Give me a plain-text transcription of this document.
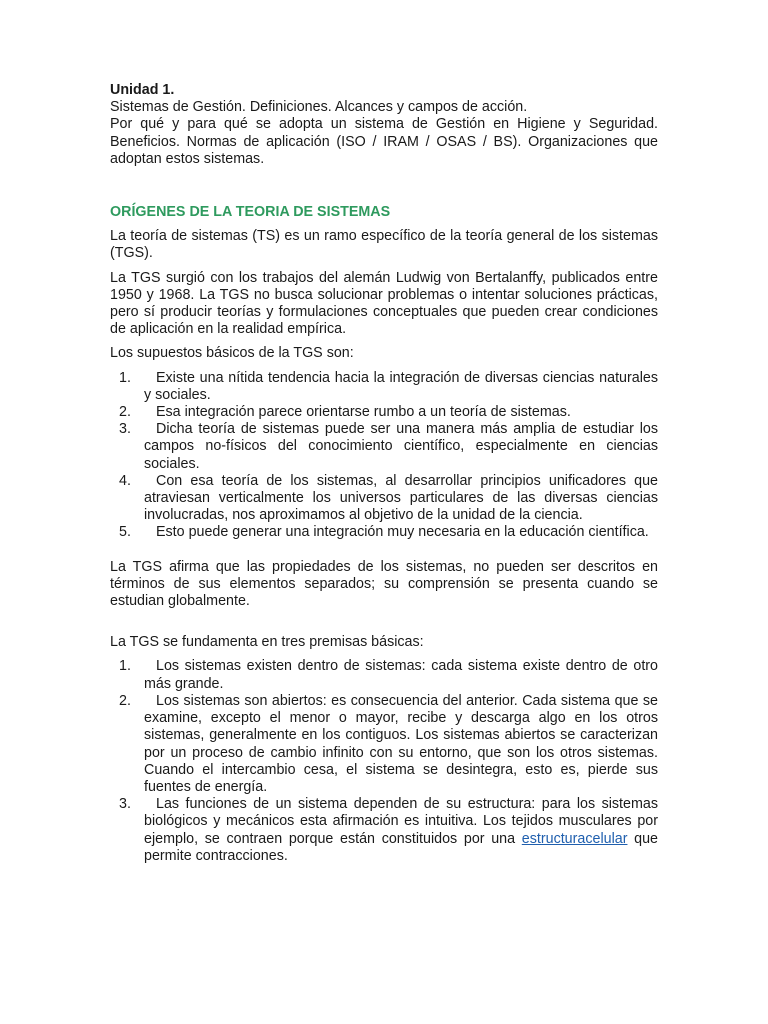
Unidad 1.

Sistemas de Gestión. Definiciones. Alcances y campos de acción.

Por qué y para qué se adopta un sistema de Gestión en Higiene y Seguridad. Beneficios. Normas de aplicación (ISO / IRAM / OSAS / BS). Organizaciones que adoptan estos sistemas.

ORÍGENES DE LA TEORIA DE SISTEMAS

La teoría de sistemas (TS) es un ramo específico de la teoría general de los sistemas (TGS).

La TGS surgió con los trabajos del alemán Ludwig von Bertalanffy, publicados entre 1950 y 1968. La TGS no busca solucionar problemas o intentar soluciones prácticas, pero sí producir teorías y formulaciones conceptuales que pueden crear condiciones de aplicación en la realidad empírica.

Los supuestos básicos de la TGS son:

1.	Existe una nítida tendencia hacia la integración de diversas ciencias naturales y sociales.
2.	Esa integración parece orientarse rumbo a un teoría de sistemas.
3.	Dicha teoría de sistemas puede ser una manera más amplia de estudiar los campos no-físicos del conocimiento científico, especialmente en ciencias sociales.
4.	Con esa teoría de los sistemas, al desarrollar principios unificadores que atraviesan verticalmente los universos particulares de las diversas ciencias involucradas, nos aproximamos al objetivo de la unidad de la ciencia.
5.	Esto puede generar una integración muy necesaria en la educación científica.

La TGS afirma que las propiedades de los sistemas, no pueden ser descritos en términos de sus elementos separados; su comprensión se presenta cuando se estudian globalmente.

La TGS se fundamenta en tres premisas básicas:

1.	Los sistemas existen dentro de sistemas: cada sistema existe dentro de otro más grande.
2.	Los sistemas son abiertos: es consecuencia del anterior. Cada sistema que se examine, excepto el menor o mayor, recibe y descarga algo en los otros sistemas, generalmente en los contiguos. Los sistemas abiertos se caracterizan por un proceso de cambio infinito con su entorno, que son los otros sistemas. Cuando el intercambio cesa, el sistema se desintegra, esto es, pierde sus fuentes de energía.
3.	Las funciones de un sistema dependen de su estructura: para los sistemas biológicos y mecánicos esta afirmación es intuitiva. Los tejidos musculares por ejemplo, se contraen porque están constituidos por una estructuracelular que permite contracciones.
